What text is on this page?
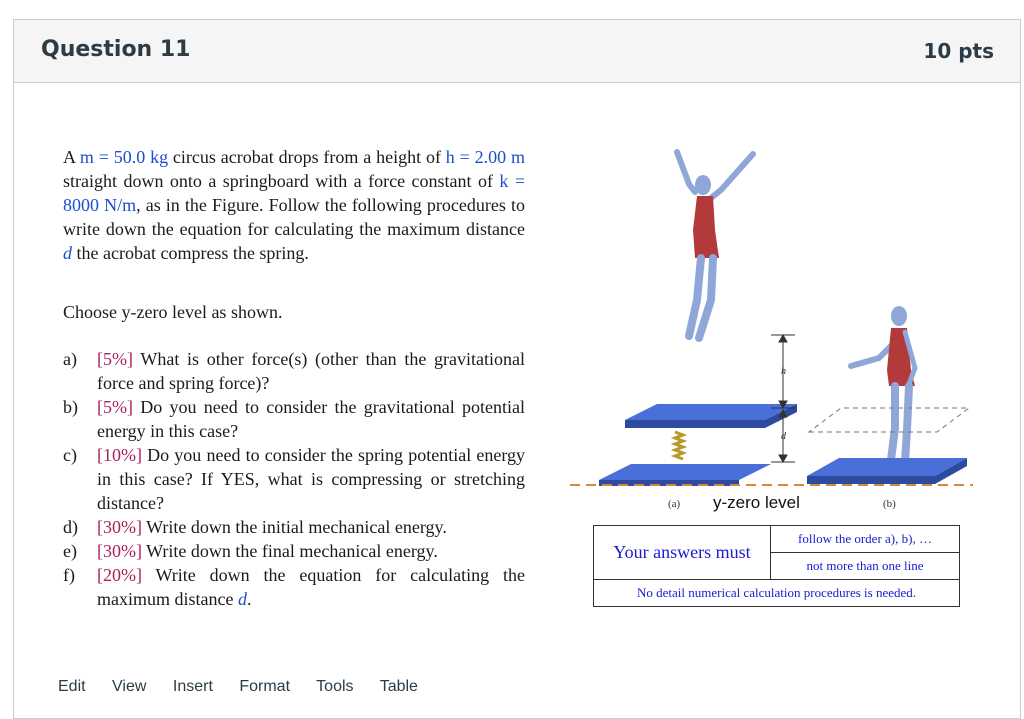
Question 11	10 pts

A m = 50.0 kg circus acrobat drops from a height of h = 2.00 m straight down onto a springboard with a force constant of k = 8000 N/m, as in the Figure. Follow the following procedures to write down the equation for calculating the maximum distance d the acrobat compress the spring.

Choose y-zero level as shown.

a) [5%] What is other force(s) (other than the gravitational force and spring force)?
b) [5%] Do you need to consider the gravitational potential energy in this case?
c) [10%] Do you need to consider the spring potential energy in this case? If YES, what is compressing or stretching distance?
d) [30%] Write down the initial mechanical energy.
e) [30%] Write down the final mechanical energy.
f) [20%] Write down the equation for calculating the maximum distance d.
h
d
(a) y-zero level	(b)
Your answers must	follow the order a), b), …
not more than one line
No detail numerical calculation procedures is needed.
Edit View Insert Format Tools Table
